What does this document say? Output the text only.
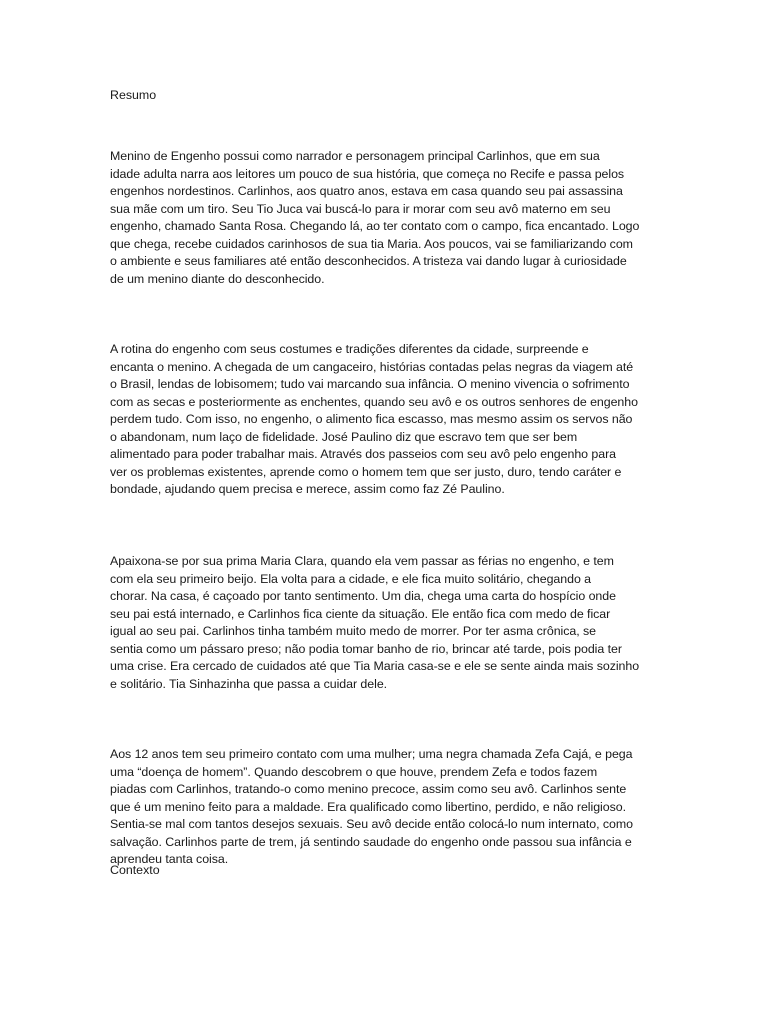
Resumo

Menino de Engenho possui como narrador e personagem principal Carlinhos, que em sua
idade adulta narra aos leitores um pouco de sua história, que começa no Recife e passa pelos
engenhos nordestinos. Carlinhos, aos quatro anos, estava em casa quando seu pai assassina
sua mãe com um tiro. Seu Tio Juca vai buscá-lo para ir morar com seu avô materno em seu
engenho, chamado Santa Rosa. Chegando lá, ao ter contato com o campo, fica encantado. Logo
que chega, recebe cuidados carinhosos de sua tia Maria. Aos poucos, vai se familiarizando com
o ambiente e seus familiares até então desconhecidos. A tristeza vai dando lugar à curiosidade
de um menino diante do desconhecido.

A rotina do engenho com seus costumes e tradições diferentes da cidade, surpreende e
encanta o menino. A chegada de um cangaceiro, histórias contadas pelas negras da viagem até
o Brasil, lendas de lobisomem; tudo vai marcando sua infância. O menino vivencia o sofrimento
com as secas e posteriormente as enchentes, quando seu avô e os outros senhores de engenho
perdem tudo. Com isso, no engenho, o alimento fica escasso, mas mesmo assim os servos não
o abandonam, num laço de fidelidade. José Paulino diz que escravo tem que ser bem
alimentado para poder trabalhar mais. Através dos passeios com seu avô pelo engenho para
ver os problemas existentes, aprende como o homem tem que ser justo, duro, tendo caráter e
bondade, ajudando quem precisa e merece, assim como faz Zé Paulino.

Apaixona-se por sua prima Maria Clara, quando ela vem passar as férias no engenho, e tem
com ela seu primeiro beijo. Ela volta para a cidade, e ele fica muito solitário, chegando a
chorar. Na casa, é caçoado por tanto sentimento. Um dia, chega uma carta do hospício onde
seu pai está internado, e Carlinhos fica ciente da situação. Ele então fica com medo de ficar
igual ao seu pai. Carlinhos tinha também muito medo de morrer. Por ter asma crônica, se
sentia como um pássaro preso; não podia tomar banho de rio, brincar até tarde, pois podia ter
uma crise. Era cercado de cuidados até que Tia Maria casa-se e ele se sente ainda mais sozinho
e solitário. Tia Sinhazinha que passa a cuidar dele.

Aos 12 anos tem seu primeiro contato com uma mulher; uma negra chamada Zefa Cajá, e pega
uma “doença de homem”. Quando descobrem o que houve, prendem Zefa e todos fazem
piadas com Carlinhos, tratando-o como menino precoce, assim como seu avô. Carlinhos sente
que é um menino feito para a maldade. Era qualificado como libertino, perdido, e não religioso.
Sentia-se mal com tantos desejos sexuais. Seu avô decide então colocá-lo num internato, como
salvação. Carlinhos parte de trem, já sentindo saudade do engenho onde passou sua infância e
aprendeu tanta coisa.

Contexto
